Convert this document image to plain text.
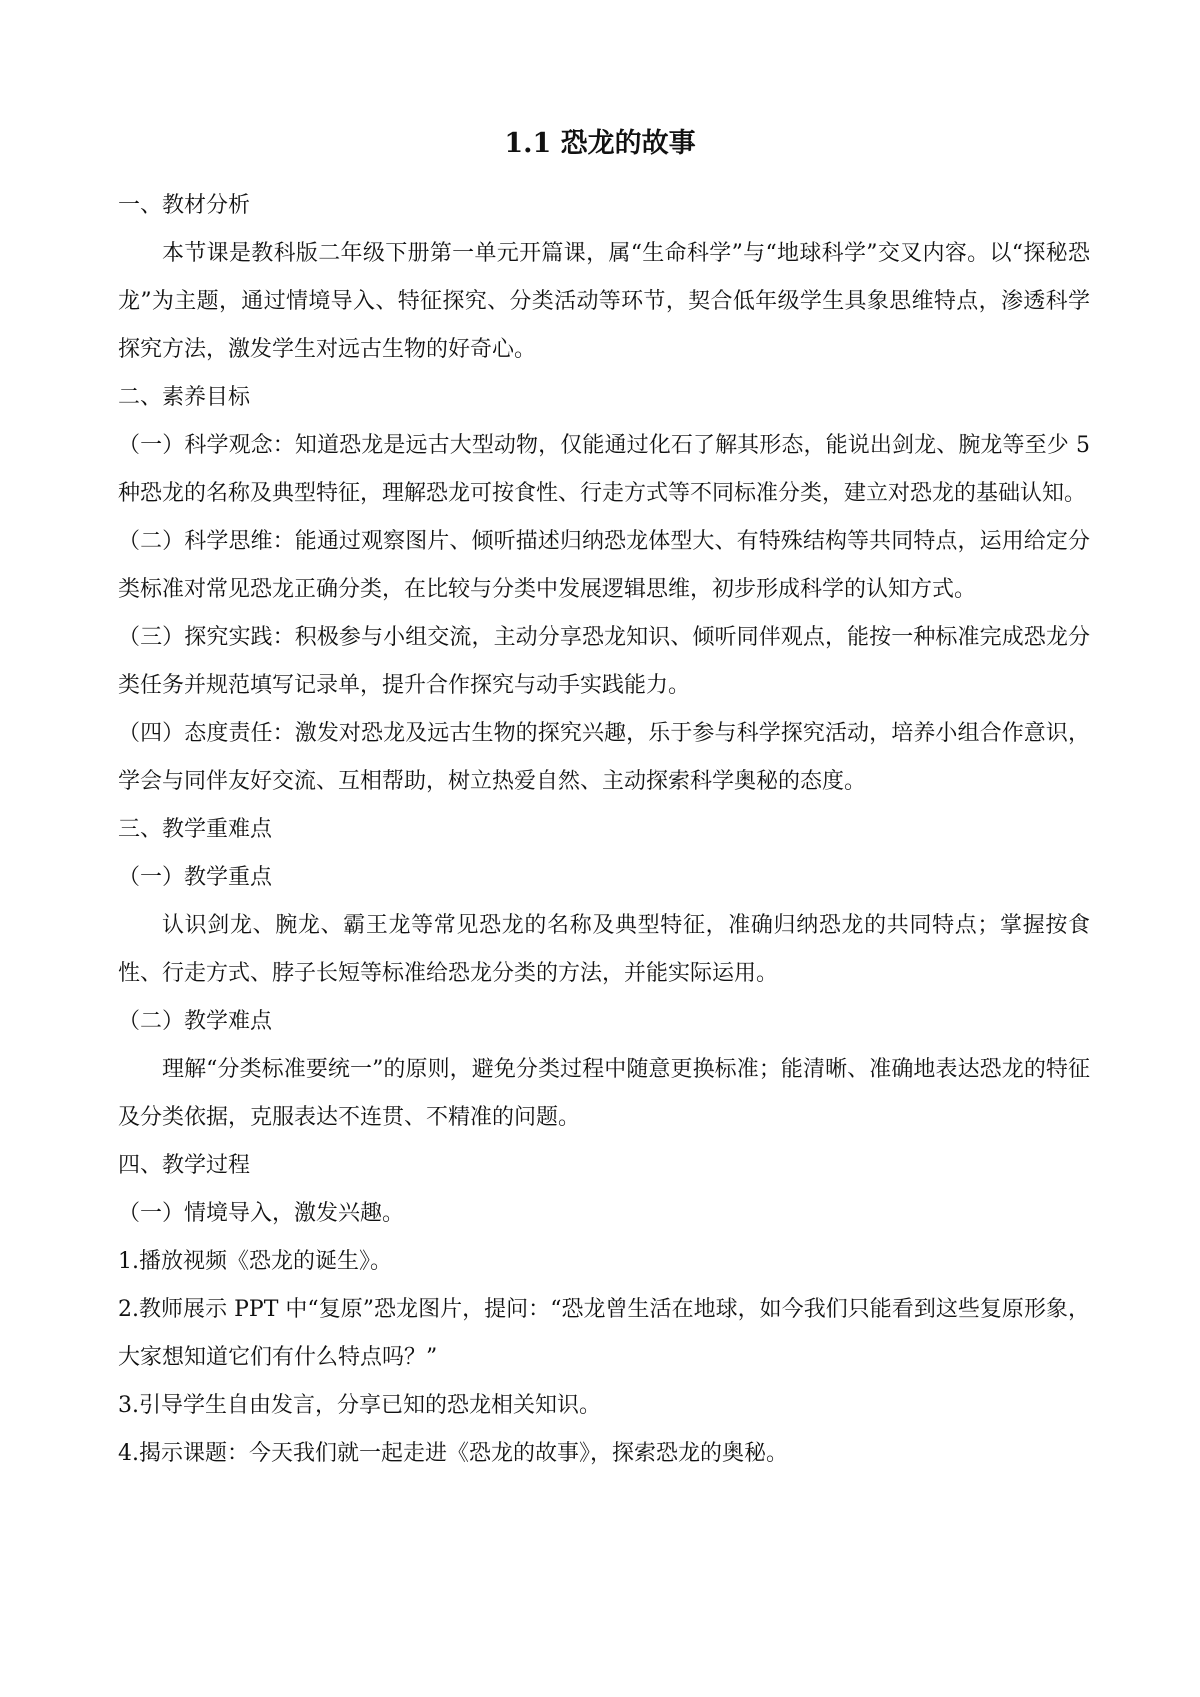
1.1 恐龙的故事

一、教材分析

本节课是教科版二年级下册第一单元开篇课，属“生命科学”与“地球科学”交叉内容。以“探秘恐龙”为主题，通过情境导入、特征探究、分类活动等环节，契合低年级学生具象思维特点，渗透科学探究方法，激发学生对远古生物的好奇心。

二、素养目标

（一）科学观念：知道恐龙是远古大型动物，仅能通过化石了解其形态，能说出剑龙、腕龙等至少 5 种恐龙的名称及典型特征，理解恐龙可按食性、行走方式等不同标准分类，建立对恐龙的基础认知。

（二）科学思维：能通过观察图片、倾听描述归纳恐龙体型大、有特殊结构等共同特点，运用给定分类标准对常见恐龙正确分类，在比较与分类中发展逻辑思维，初步形成科学的认知方式。

（三）探究实践：积极参与小组交流，主动分享恐龙知识、倾听同伴观点，能按一种标准完成恐龙分类任务并规范填写记录单，提升合作探究与动手实践能力。

（四）态度责任：激发对恐龙及远古生物的探究兴趣，乐于参与科学探究活动，培养小组合作意识，学会与同伴友好交流、互相帮助，树立热爱自然、主动探索科学奥秘的态度。

三、教学重难点

（一）教学重点

认识剑龙、腕龙、霸王龙等常见恐龙的名称及典型特征，准确归纳恐龙的共同特点；掌握按食性、行走方式、脖子长短等标准给恐龙分类的方法，并能实际运用。

（二）教学难点

理解“分类标准要统一”的原则，避免分类过程中随意更换标准；能清晰、准确地表达恐龙的特征及分类依据，克服表达不连贯、不精准的问题。

四、教学过程

（一）情境导入，激发兴趣。

1.播放视频《恐龙的诞生》。

2.教师展示 PPT 中“复原”恐龙图片，提问：“恐龙曾生活在地球，如今我们只能看到这些复原形象，大家想知道它们有什么特点吗？”

3.引导学生自由发言，分享已知的恐龙相关知识。

4.揭示课题：今天我们就一起走进《恐龙的故事》，探索恐龙的奥秘。
